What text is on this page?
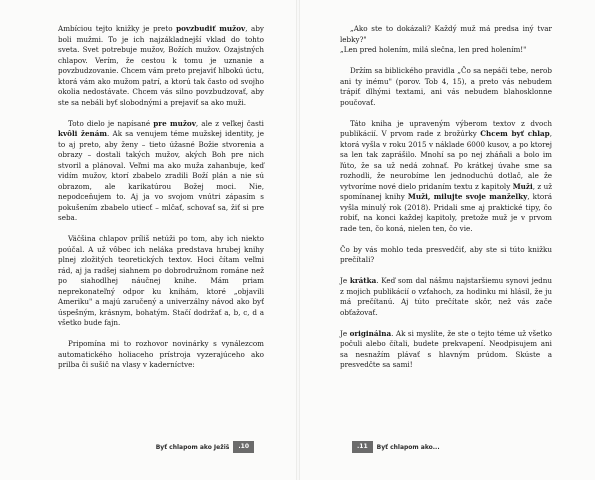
Ambíciou tejto knižky je preto povzbudiť mužov, aby boli mužmi. To je ich najzákladnejší vklad do tohto sveta. Svet potrebuje mužov, Božích mužov. Ozajstných chlapov. Verím, že cestou k tomu je uznanie a povzbudzovanie. Chcem vám preto prejaviť hlbokú úctu, ktorá vám ako mužom patrí, a ktorú tak často od svojho okolia nedostávate. Chcem vás silno povzbudzovať, aby ste sa nebáli byť slobodnými a prejaviť sa ako muži.

Toto dielo je napísané pre mužov, ale z veľkej časti kvôli ženám. Ak sa venujem téme mužskej identity, je to aj preto, aby ženy – tieto úžasné Božie stvorenia a obrazy – dostali takých mužov, akých Boh pre nich stvoril a plánoval. Veľmi ma ako muža zahanbuje, keď vidím mužov, ktorí zbabelo zradili Boží plán a nie sú obrazom, ale karikatúrou Božej moci. Nie, nepodceňujem to. Aj ja vo svojom vnútri zápasím s pokušením zbabelo utiecť – mlčať, schovať sa, žiť si pre seba.

Väčšina chlapov príliš netúži po tom, aby ich niekto poúčal. A už vôbec ich neláka predstava hrubej knihy plnej zložitých teoretických textov. Hoci čítam veľmi rád, aj ja radšej siahnem po dobrodružnom románe než po siahodlhej náučnej knihe. Mám priam neprekonateľný odpor ku knihám, ktoré „objavili Ameriku" a majú zaručený a univerzálny návod ako byť úspešným, krásnym, bohatým. Stačí dodržať a, b, c, d a všetko bude fajn.

Pripomína mi to rozhovor novinárky s vynálezcom automatického holiaceho prístroja vyzerajúceho ako prilba či sušič na vlasy v kaderníctve:

Byť chlapom ako Ježiš	.10

„Ako ste to dokázali? Každý muž má predsa iný tvar lebky?"
„Len pred holením, milá slečna, len pred holením!"

Držím sa biblického pravidla „Čo sa nepáči tebe, nerob ani ty inému" (porov. Tob 4, 15), a preto vás nebudem trápiť dlhými textami, ani vás nebudem blahosklonne poučovať.

Táto kniha je upraveným výberom textov z dvoch publikácií. V prvom rade z brožúrky Chcem byť chlap, ktorá vyšla v roku 2015 v náklade 6000 kusov, a po ktorej sa len tak zaprášilo. Mnohí sa po nej zháňali a bolo im ľúto, že sa už nedá zohnať. Po krátkej úvahe sme sa rozhodli, že neurobíme len jednoduchú dotlač, ale že vytvoríme nové dielo pridaním textu z kapitoly Muži, z už spomínanej knihy Muži, milujte svoje manželky, ktorá vyšla minulý rok (2018). Pridali sme aj praktické tipy, čo robiť, na konci každej kapitoly, pretože muž je v prvom rade ten, čo koná, nielen ten, čo vie.

Čo by vás mohlo teda presvedčiť, aby ste si túto knižku prečítali?

Je krátka. Keď som dal nášmu najstaršiemu synovi jednu z mojich publikácií o vzťahoch, za hodinku mi hlásil, že ju má prečítanú. Aj túto prečítate skôr, než vás zače obťažovať.

Je originálna. Ak si myslíte, že ste o tejto téme už všetko počuli alebo čítali, budete prekvapení. Neodpisujem ani sa nesnažím plávať s hlavným prúdom. Skúste a presvedčte sa sami!

.11	Byť chlapom ako...
